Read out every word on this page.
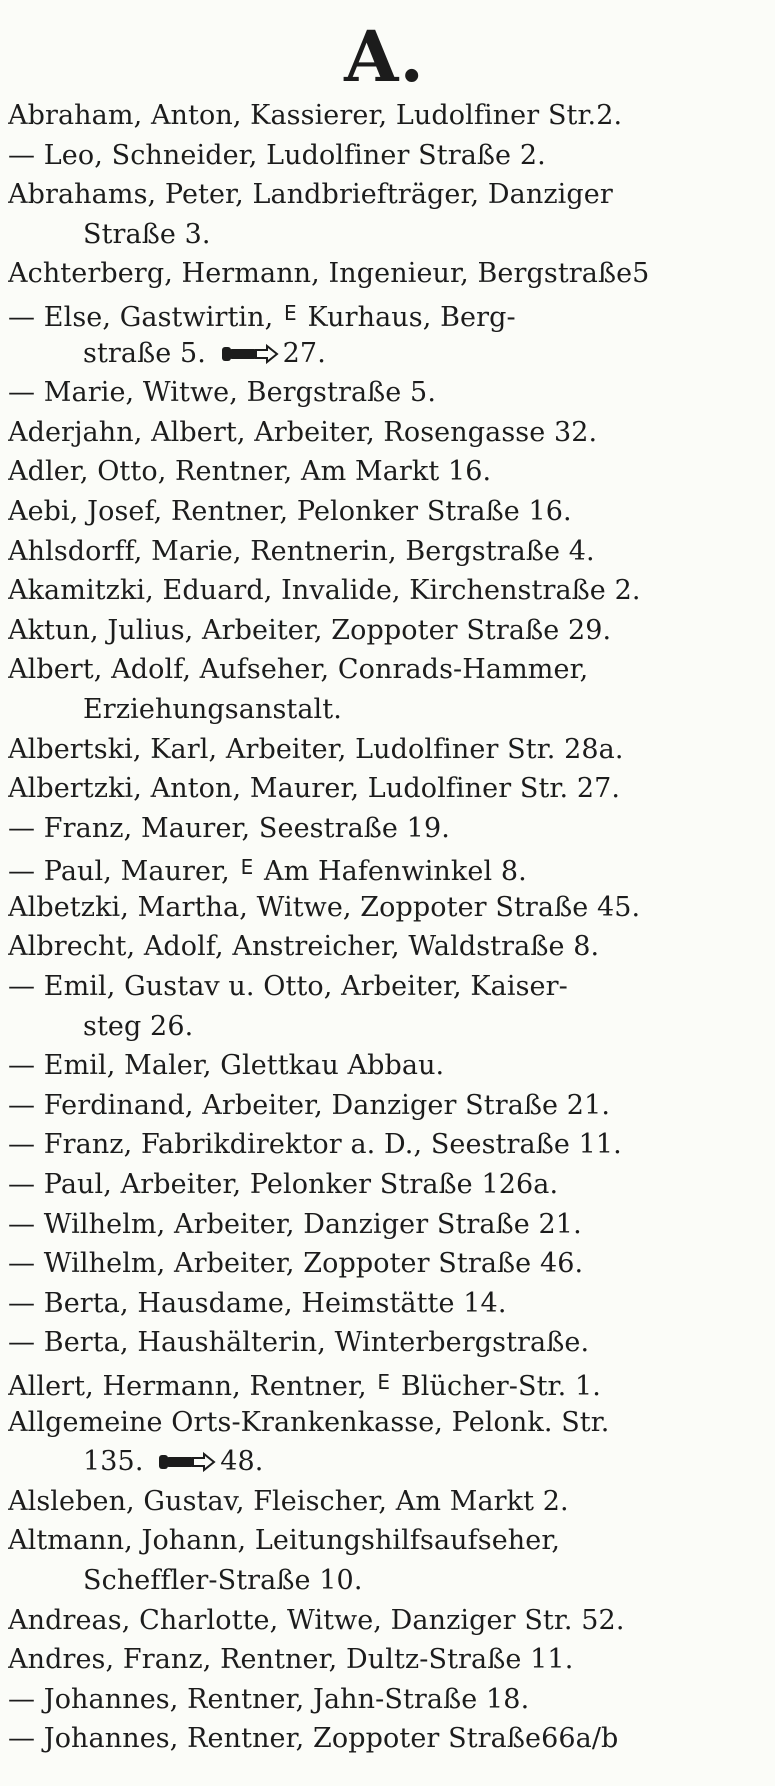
A.
Abraham, Anton, Kassierer, Ludolfiner Str.2.
— Leo, Schneider, Ludolfiner Straße 2.
Abrahams, Peter, Landbriefträger, Danziger
Straße 3.
Achterberg, Hermann, Ingenieur, Bergstraße5
— Else, Gastwirtin, $^E$ Kurhaus, Berg-
straße 5.	27.
— Marie, Witwe, Bergstraße 5.
Aderjahn, Albert, Arbeiter, Rosengasse 32.
Adler, Otto, Rentner, Am Markt 16.
Aebi, Josef, Rentner, Pelonker Straße 16.
Ahlsdorff, Marie, Rentnerin, Bergstraße 4.
Akamitzki, Eduard, Invalide, Kirchenstraße 2.
Aktun, Julius, Arbeiter, Zoppoter Straße 29.
Albert, Adolf, Aufseher, Conrads-Hammer,
Erziehungsanstalt.
Albertski, Karl, Arbeiter, Ludolfiner Str. 28a.
Albertzki, Anton, Maurer, Ludolfiner Str. 27.
— Franz, Maurer, Seestraße 19.
— Paul, Maurer, $^E$ Am Hafenwinkel 8.
Albetzki, Martha, Witwe, Zoppoter Straße 45.
Albrecht, Adolf, Anstreicher, Waldstraße 8.
— Emil, Gustav u. Otto, Arbeiter, Kaiser-
steg 26.
— Emil, Maler, Glettkau Abbau.
— Ferdinand, Arbeiter, Danziger Straße 21.
— Franz, Fabrikdirektor a. D., Seestraße 11.
— Paul, Arbeiter, Pelonker Straße 126a.
— Wilhelm, Arbeiter, Danziger Straße 21.
— Wilhelm, Arbeiter, Zoppoter Straße 46.
— Berta, Hausdame, Heimstätte 14.
— Berta, Haushälterin, Winterbergstraße.
Allert, Hermann, Rentner, $^E$ Blücher-Str. 1.
Allgemeine Orts-Krankenkasse, Pelonk. Str.
135.	48.
Alsleben, Gustav, Fleischer, Am Markt 2.
Altmann, Johann, Leitungshilfsaufseher,
Scheffler-Straße 10.
Andreas, Charlotte, Witwe, Danziger Str. 52.
Andres, Franz, Rentner, Dultz-Straße 11.
— Johannes, Rentner, Jahn-Straße 18.
— Johannes, Rentner, Zoppoter Straße66a/b
